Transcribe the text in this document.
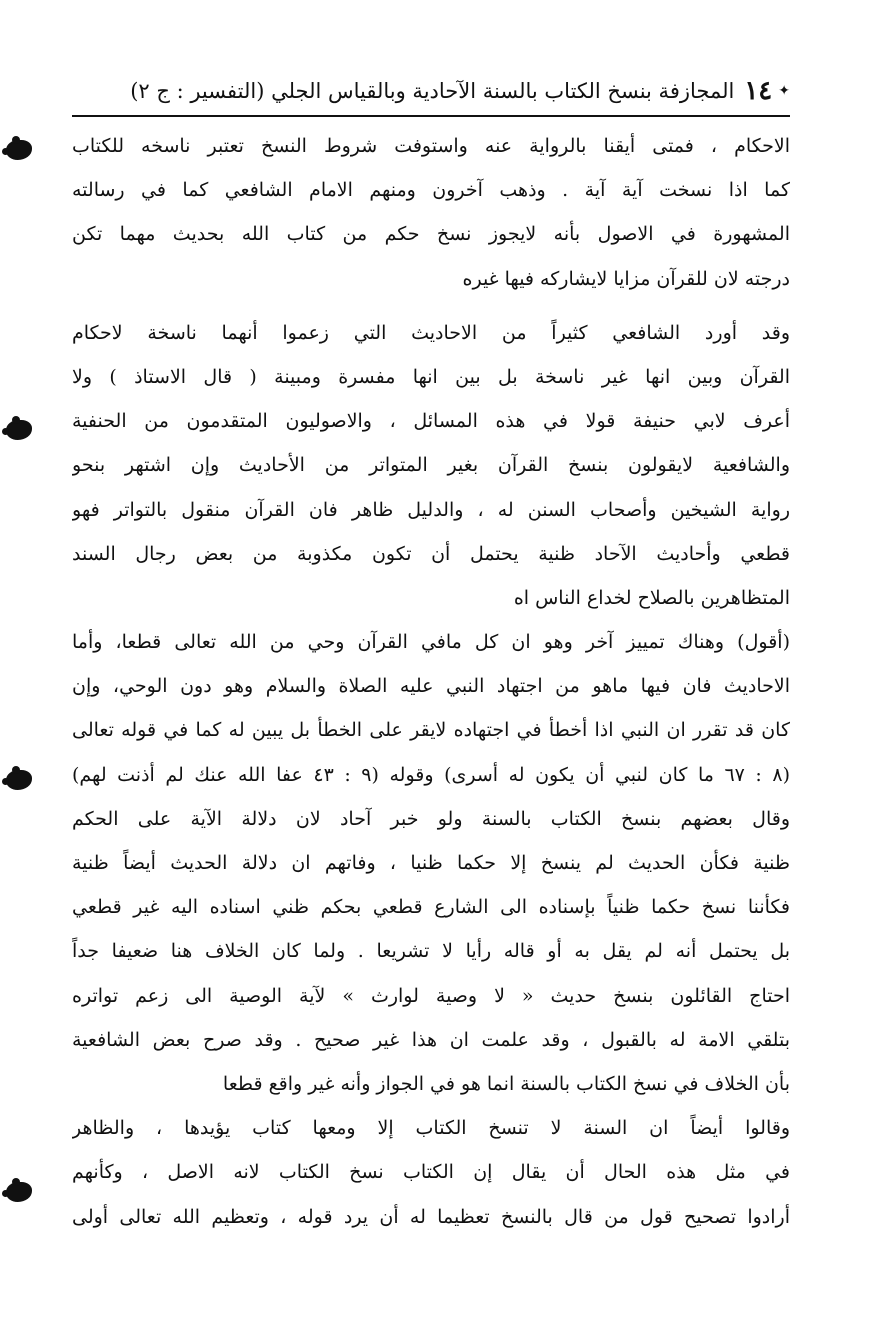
✦
١٤
المجازفة بنسخ الكتاب بالسنة الآحادية وبالقياس الجلي (التفسير : ج ٢)
الاحكام ، فمتى أيقنا بالرواية عنه واستوفت شروط النسخ تعتبر ناسخه للكتاب
كما اذا نسخت آية آية . وذهب آخرون ومنهم الامام الشافعي كما في رسالته
المشهورة في الاصول بأنه لايجوز نسخ حكم من كتاب الله بحديث مهما تكن
درجته لان للقرآن مزايا لايشاركه فيها غيره
وقد أورد الشافعي كثيراً من الاحاديث التي زعموا أنهما ناسخة لاحكام
القرآن وبين انها غير ناسخة بل بين انها مفسرة ومبينة ( قال الاستاذ ) ولا
أعرف لابي حنيفة قولا في هذه المسائل ، والاصوليون المتقدمون من الحنفية
والشافعية لايقولون بنسخ القرآن بغير المتواتر من الأحاديث وإن اشتهر بنحو
رواية الشيخين وأصحاب السنن له ، والدليل ظاهر فان القرآن منقول بالتواتر فهو
قطعي وأحاديث الآحاد ظنية يحتمل أن تكون مكذوبة من بعض رجال السند
المتظاهرين بالصلاح لخداع الناس اه
(أقول) وهناك تمييز آخر وهو ان كل مافي القرآن وحي من الله تعالى قطعا، وأما
الاحاديث فان فيها ماهو من اجتهاد النبي عليه الصلاة والسلام وهو دون الوحي، وإن
كان قد تقرر ان النبي اذا أخطأ في اجتهاده لايقر على الخطأ بل يبين له كما في قوله تعالى
(٨ : ٦٧ ما كان لنبي أن يكون له أسرى) وقوله (٩ : ٤٣ عفا الله عنك لم أذنت لهم)
وقال بعضهم بنسخ الكتاب بالسنة ولو خبر آحاد لان دلالة الآية على الحكم
ظنية فكأن الحديث لم ينسخ إلا حكما ظنيا ، وفاتهم ان دلالة الحديث أيضاً ظنية
فكأننا نسخ حكما ظنياً بإسناده الى الشارع قطعي بحكم ظني اسناده اليه غير قطعي
بل يحتمل أنه لم يقل به أو قاله رأيا لا تشريعا . ولما كان الخلاف هنا ضعيفا جداً
احتاج القائلون بنسخ حديث « لا وصية لوارث » لآية الوصية الى زعم تواتره
بتلقي الامة له بالقبول ، وقد علمت ان هذا غير صحيح . وقد صرح بعض الشافعية
بأن الخلاف في نسخ الكتاب بالسنة انما هو في الجواز وأنه غير واقع قطعا
وقالوا أيضاً ان السنة لا تنسخ الكتاب إلا ومعها كتاب يؤيدها ، والظاهر
في مثل هذه الحال أن يقال إن الكتاب نسخ الكتاب لانه الاصل ، وكأنهم
أرادوا تصحيح قول من قال بالنسخ تعظيما له أن يرد قوله ، وتعظيم الله تعالى أولى
